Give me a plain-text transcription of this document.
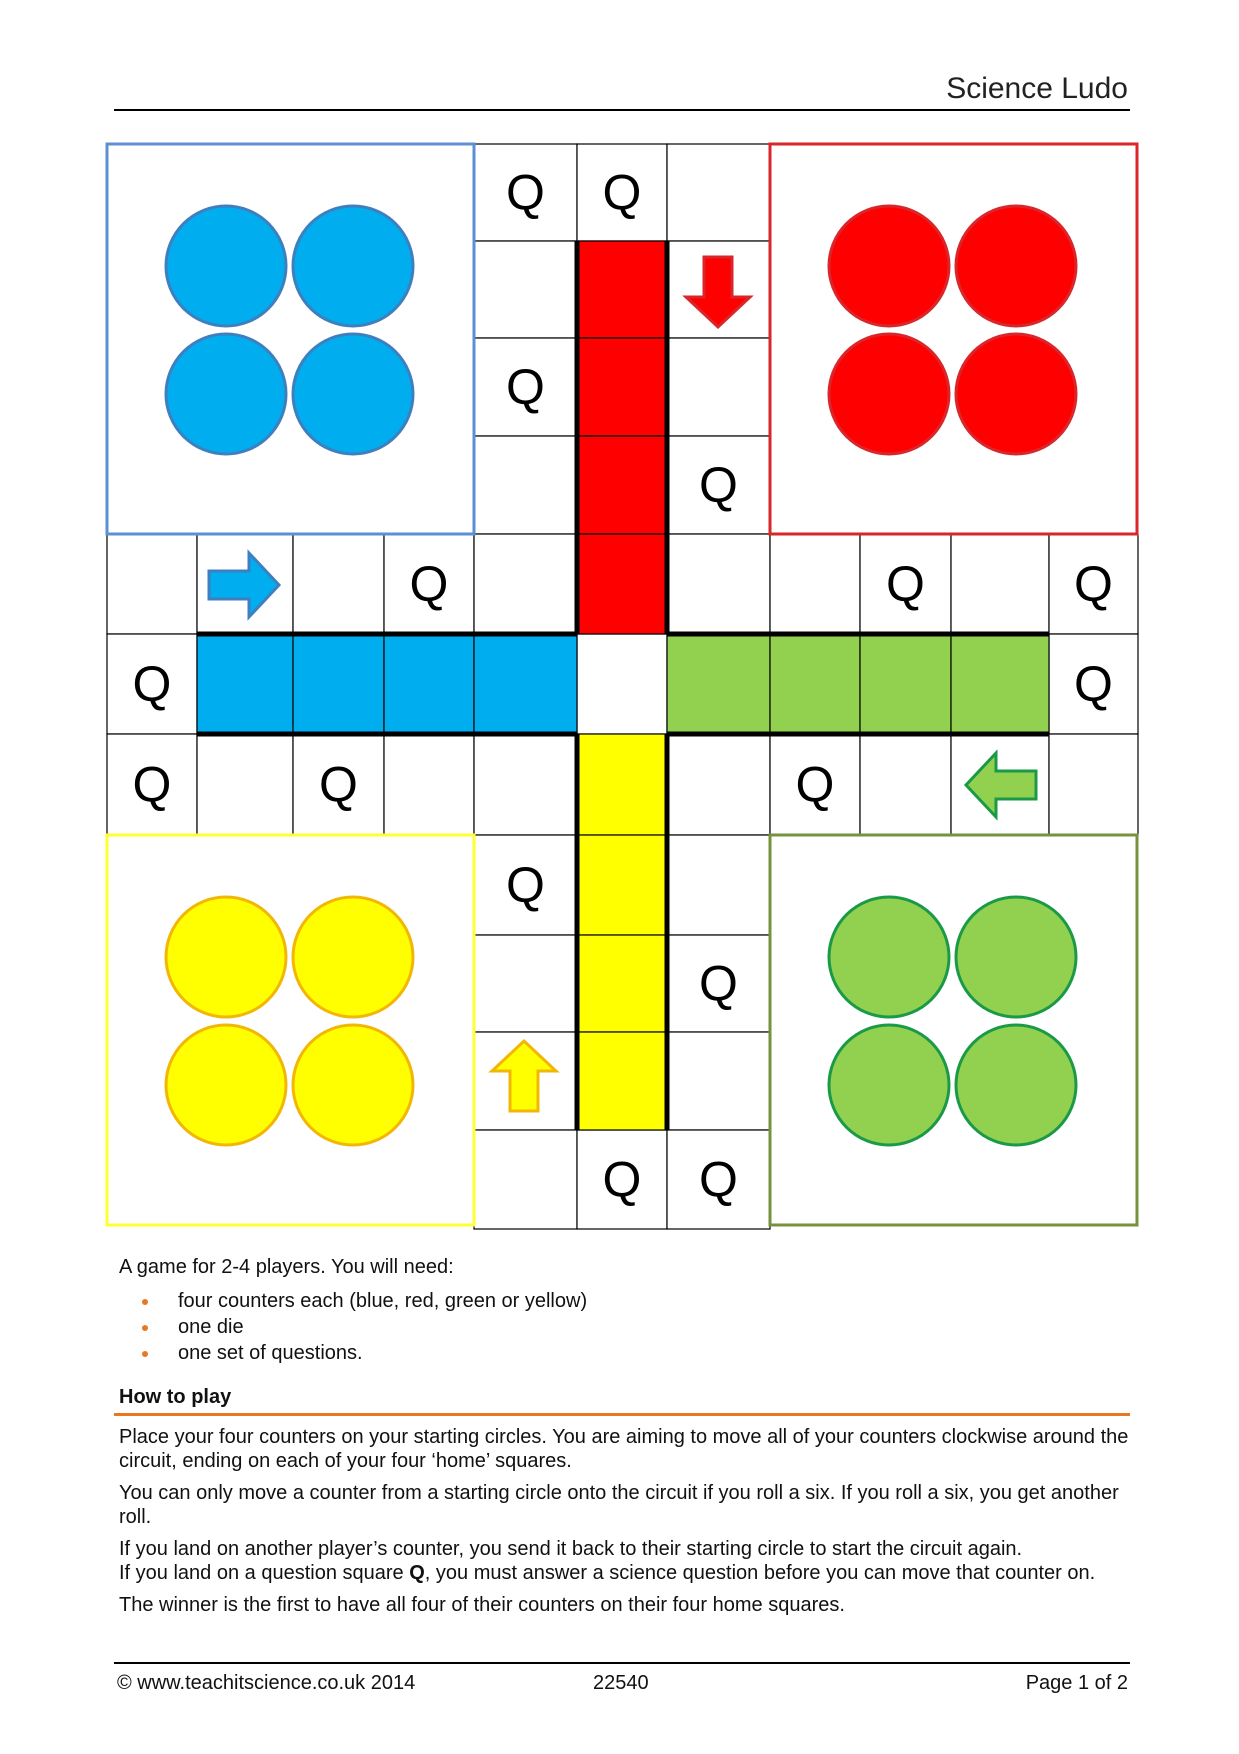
Science Ludo
Q Q
Q
Q
Q	Q	Q
Q	Q
Q	Q	Q
Q
Q
Q Q
A game for 2-4 players. You will need:
four counters each (blue, red, green or yellow)
one die
one set of questions.
How to play

Place your four counters on your starting circles. You are aiming to move all of your counters clockwise around the circuit, ending on each of your four ‘home’ squares.

You can only move a counter from a starting circle onto the circuit if you roll a six. If you roll a six, you get another roll.

If you land on another player’s counter, you send it back to their starting circle to start the circuit again.

If you land on a question square Q, you must answer a science question before you can move that counter on.

The winner is the first to have all four of their counters on their four home squares.

© www.teachitscience.co.uk 2014	22540	Page 1 of 2
